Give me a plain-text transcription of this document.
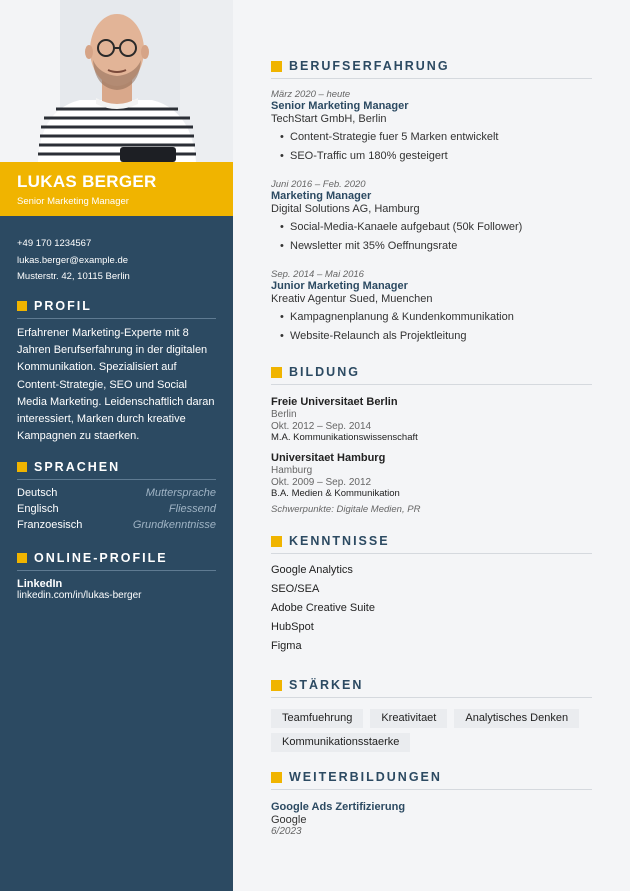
LUKAS BERGER
Senior Marketing Manager
+49 170 1234567
lukas.berger@example.de
Musterstr. 42, 10115 Berlin
PROFIL
Erfahrener Marketing-Experte mit 8 Jahren Berufserfahrung in der digitalen Kommunikation. Spezialisiert auf Content-Strategie, SEO und Social Media Marketing. Leidenschaftlich daran interessiert, Marken durch kreative Kampagnen zu staerken.
SPRACHEN
Deutsch	Muttersprache
Englisch	Fliessend
Franzoesisch	Grundkenntnisse
ONLINE-PROFILE
LinkedIn
linkedin.com/in/lukas-berger
BERUFSERFAHRUNG
März 2020 – heute
Senior Marketing Manager
TechStart GmbH, Berlin
• Content-Strategie fuer 5 Marken entwickelt
• SEO-Traffic um 180% gesteigert
Juni 2016 – Feb. 2020
Marketing Manager
Digital Solutions AG, Hamburg
• Social-Media-Kanaele aufgebaut (50k Follower)
• Newsletter mit 35% Oeffnungsrate
Sep. 2014 – Mai 2016
Junior Marketing Manager
Kreativ Agentur Sued, Muenchen
• Kampagnenplanung & Kundenkommunikation
• Website-Relaunch als Projektleitung
BILDUNG
Freie Universitaet Berlin
Berlin
Okt. 2012 – Sep. 2014
M.A. Kommunikationswissenschaft
Universitaet Hamburg
Hamburg
Okt. 2009 – Sep. 2012
B.A. Medien & Kommunikation
Schwerpunkte: Digitale Medien, PR
KENNTNISSE
Google Analytics
SEO/SEA
Adobe Creative Suite
HubSpot
Figma
STÄRKEN
Teamfuehrung	Kreativitaet	Analytisches Denken
Kommunikationsstaerke
WEITERBILDUNGEN
Google Ads Zertifizierung
Google
6/2023
